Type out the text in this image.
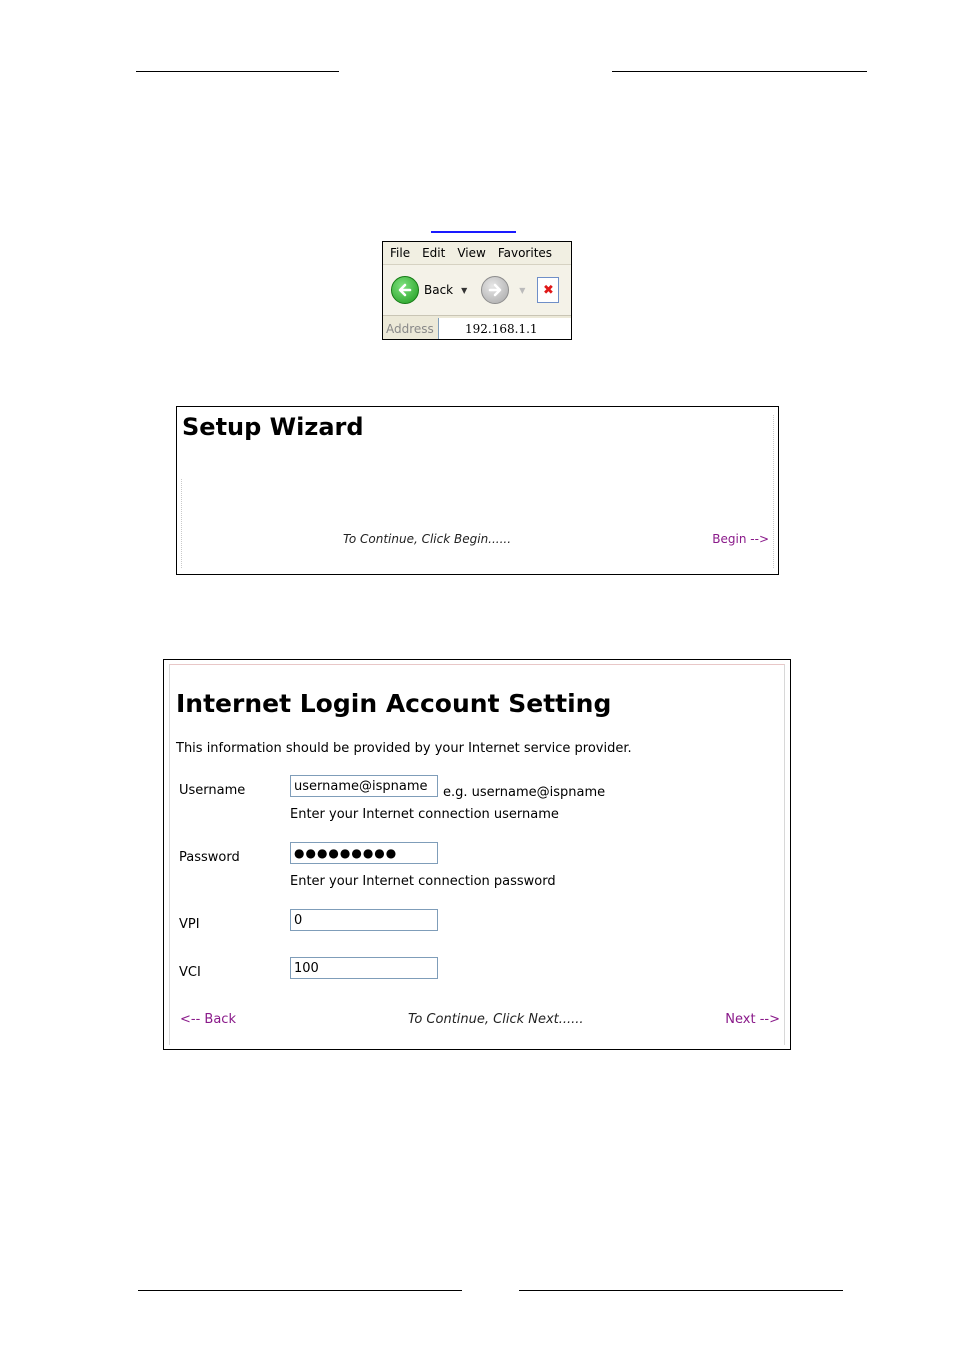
File Edit View Favorites
Back ▼	▼	✖
Address	192.168.1.1
Setup Wizard
To Continue, Click Begin......	Begin -->
Internet Login Account Setting
This information should be provided by your Internet service provider.
Username	username@ispname	e.g. username@ispname
Enter your Internet connection username
Password	●●●●●●●●●
Enter your Internet connection password
VPI	0
VCI	100
<-- Back	To Continue, Click Next......	Next -->
